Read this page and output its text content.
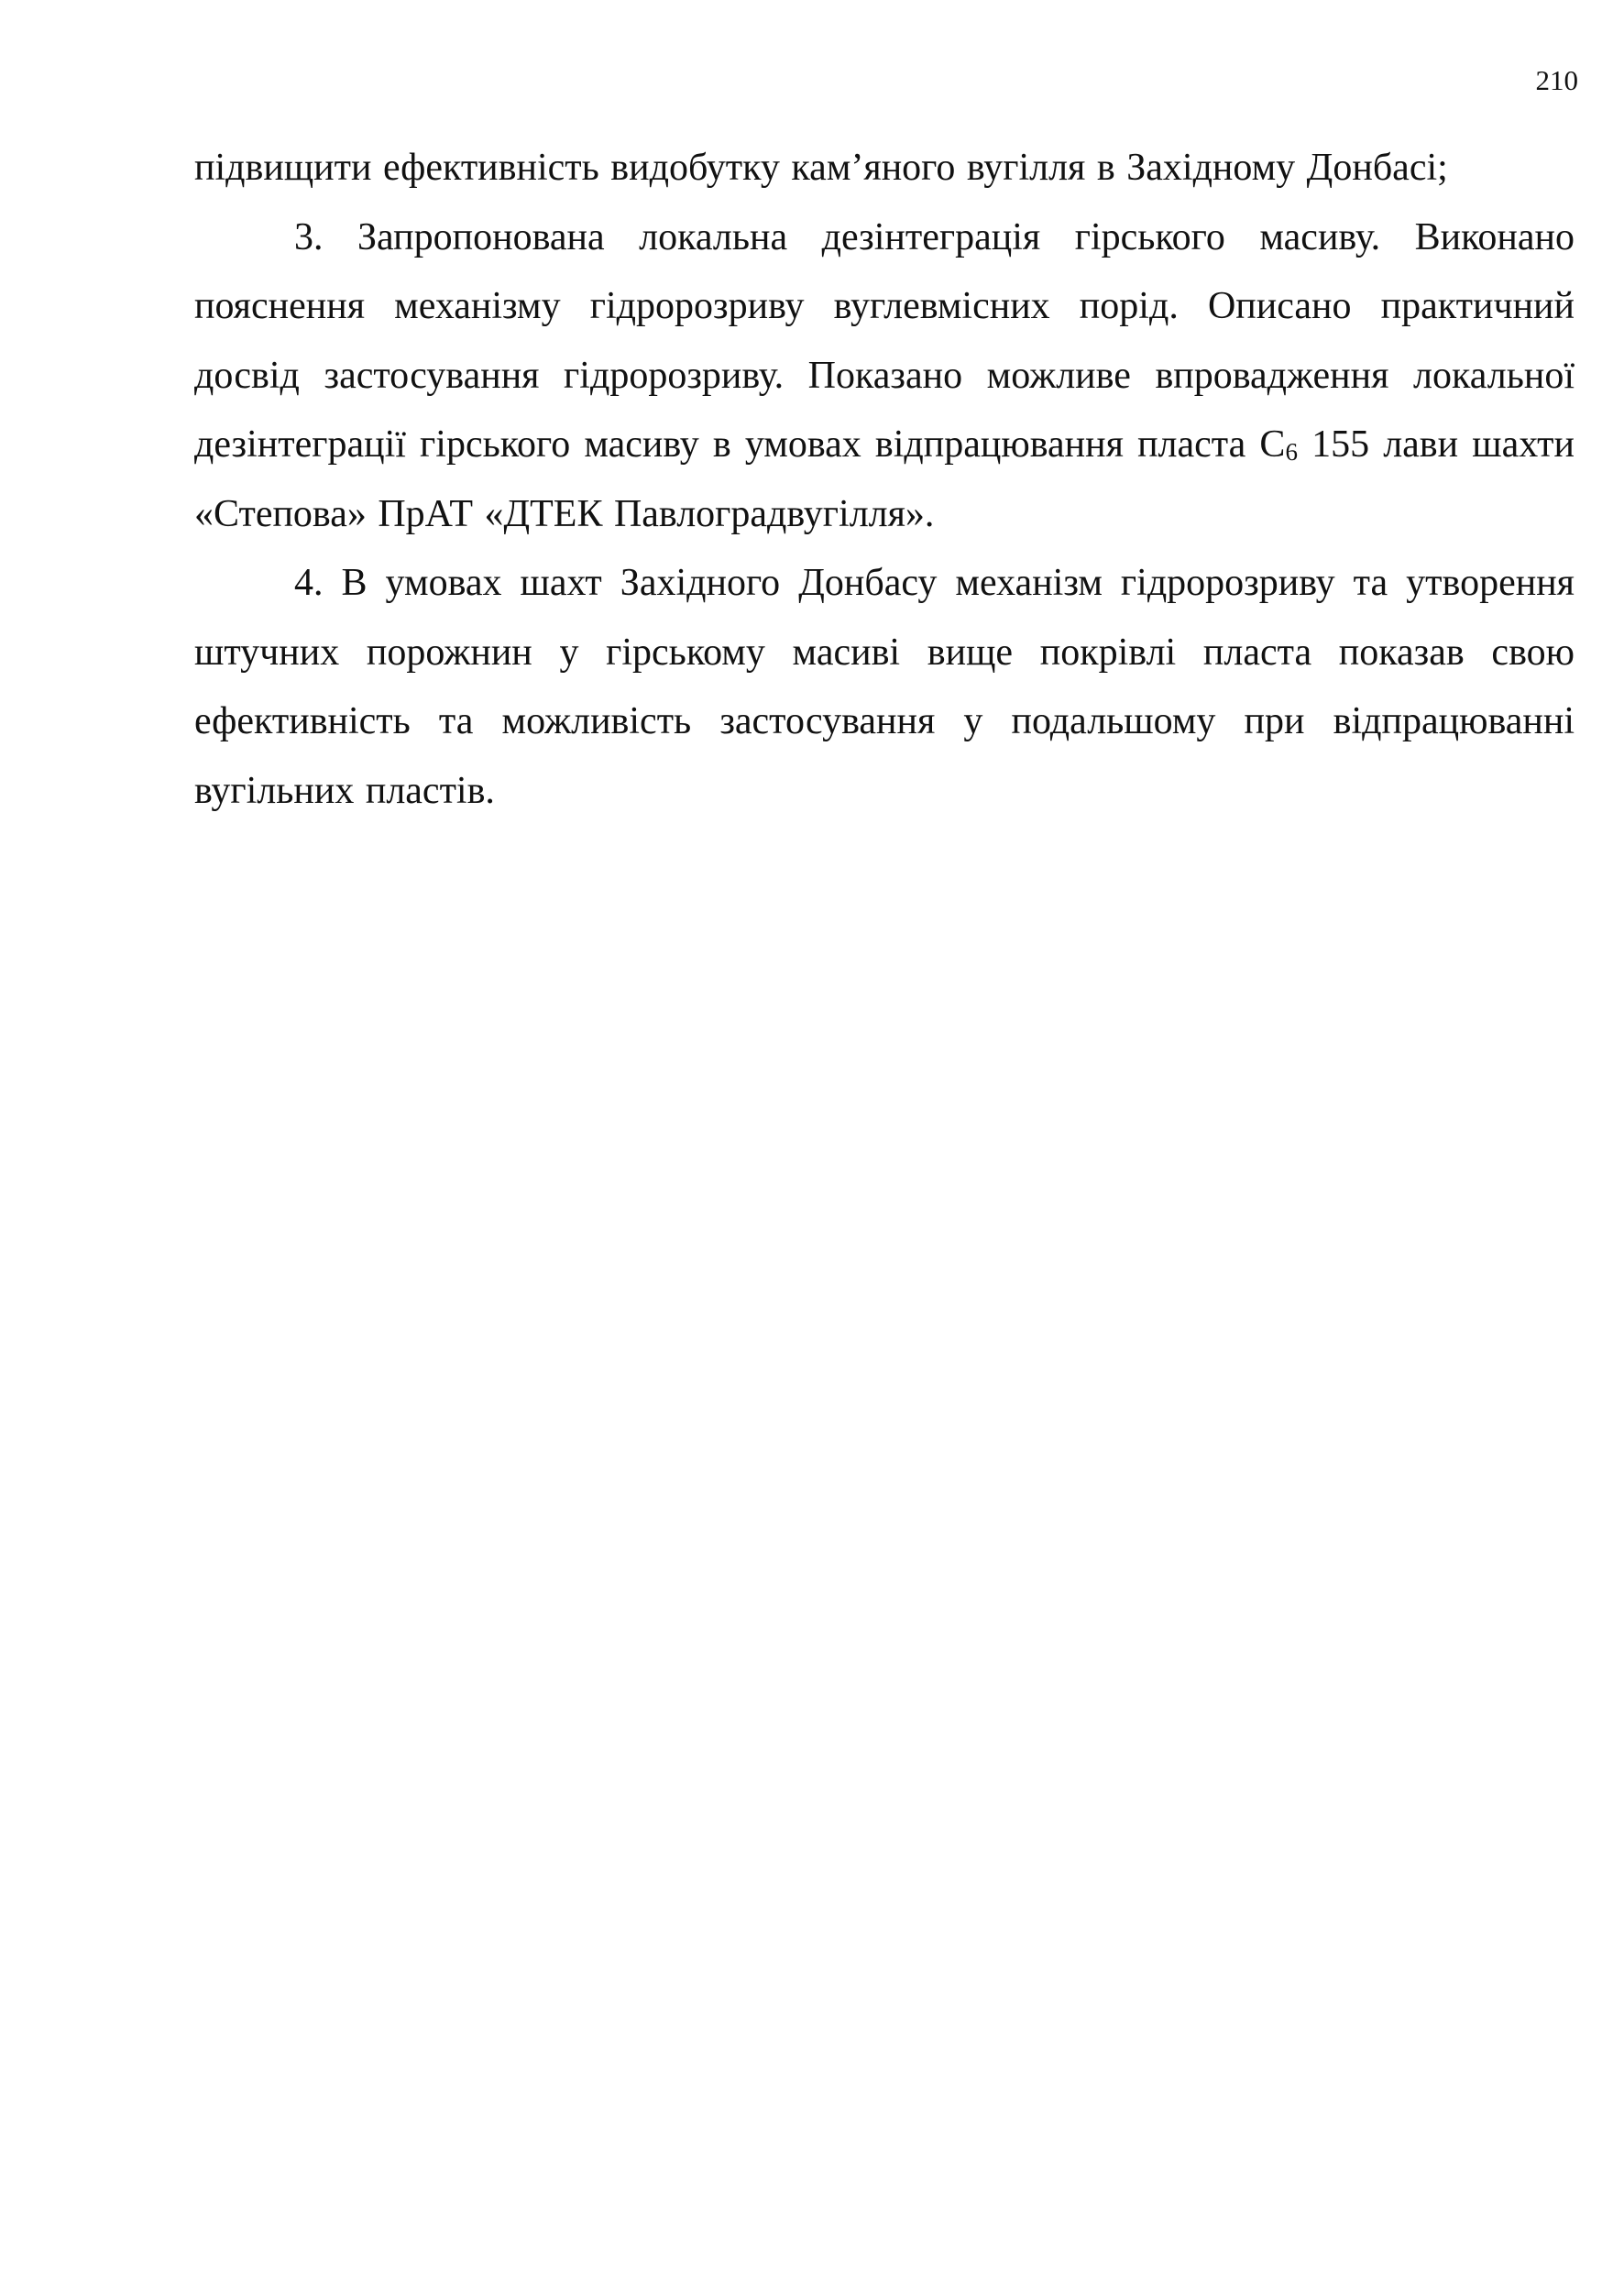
210

підвищити ефективність видобутку кам’яного вугілля в Західному Донбасі;

3. Запропонована локальна дезінтеграція гірського масиву. Виконано пояснення механізму гідророзриву вуглевмісних порід. Описано практичний досвід застосування гідророзриву. Показано можливе впровадження локальної дезінтеграції гірського масиву в умовах відпрацювання пласта С6 155 лави шахти «Степова» ПрАТ «ДТЕК Павлоградвугілля».

4. В умовах шахт Західного Донбасу механізм гідророзриву та утворення штучних порожнин у гірському масиві вище покрівлі пласта показав свою ефективність та можливість застосування у подальшому при відпрацюванні вугільних пластів.
